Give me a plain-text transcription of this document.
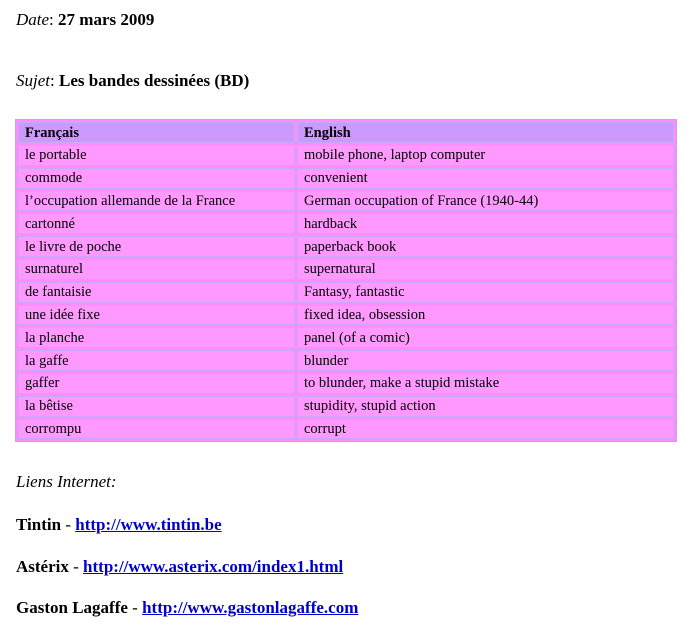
Date: 27 mars 2009
Sujet: Les bandes dessinées (BD)
Français	English
le portable	mobile phone, laptop computer
commode	convenient
l’occupation allemande de la France	German occupation of France (1940-44)
cartonné	hardback
le livre de poche	paperback book
surnaturel	supernatural
de fantaisie	Fantasy, fantastic
une idée fixe	fixed idea, obsession
la planche	panel (of a comic)
la gaffe	blunder
gaffer	to blunder, make a stupid mistake
la bêtise	stupidity, stupid action
corrompu	corrupt
Liens Internet:
Tintin - http://www.tintin.be
Astérix - http://www.asterix.com/index1.html
Gaston Lagaffe - http://www.gastonlagaffe.com
